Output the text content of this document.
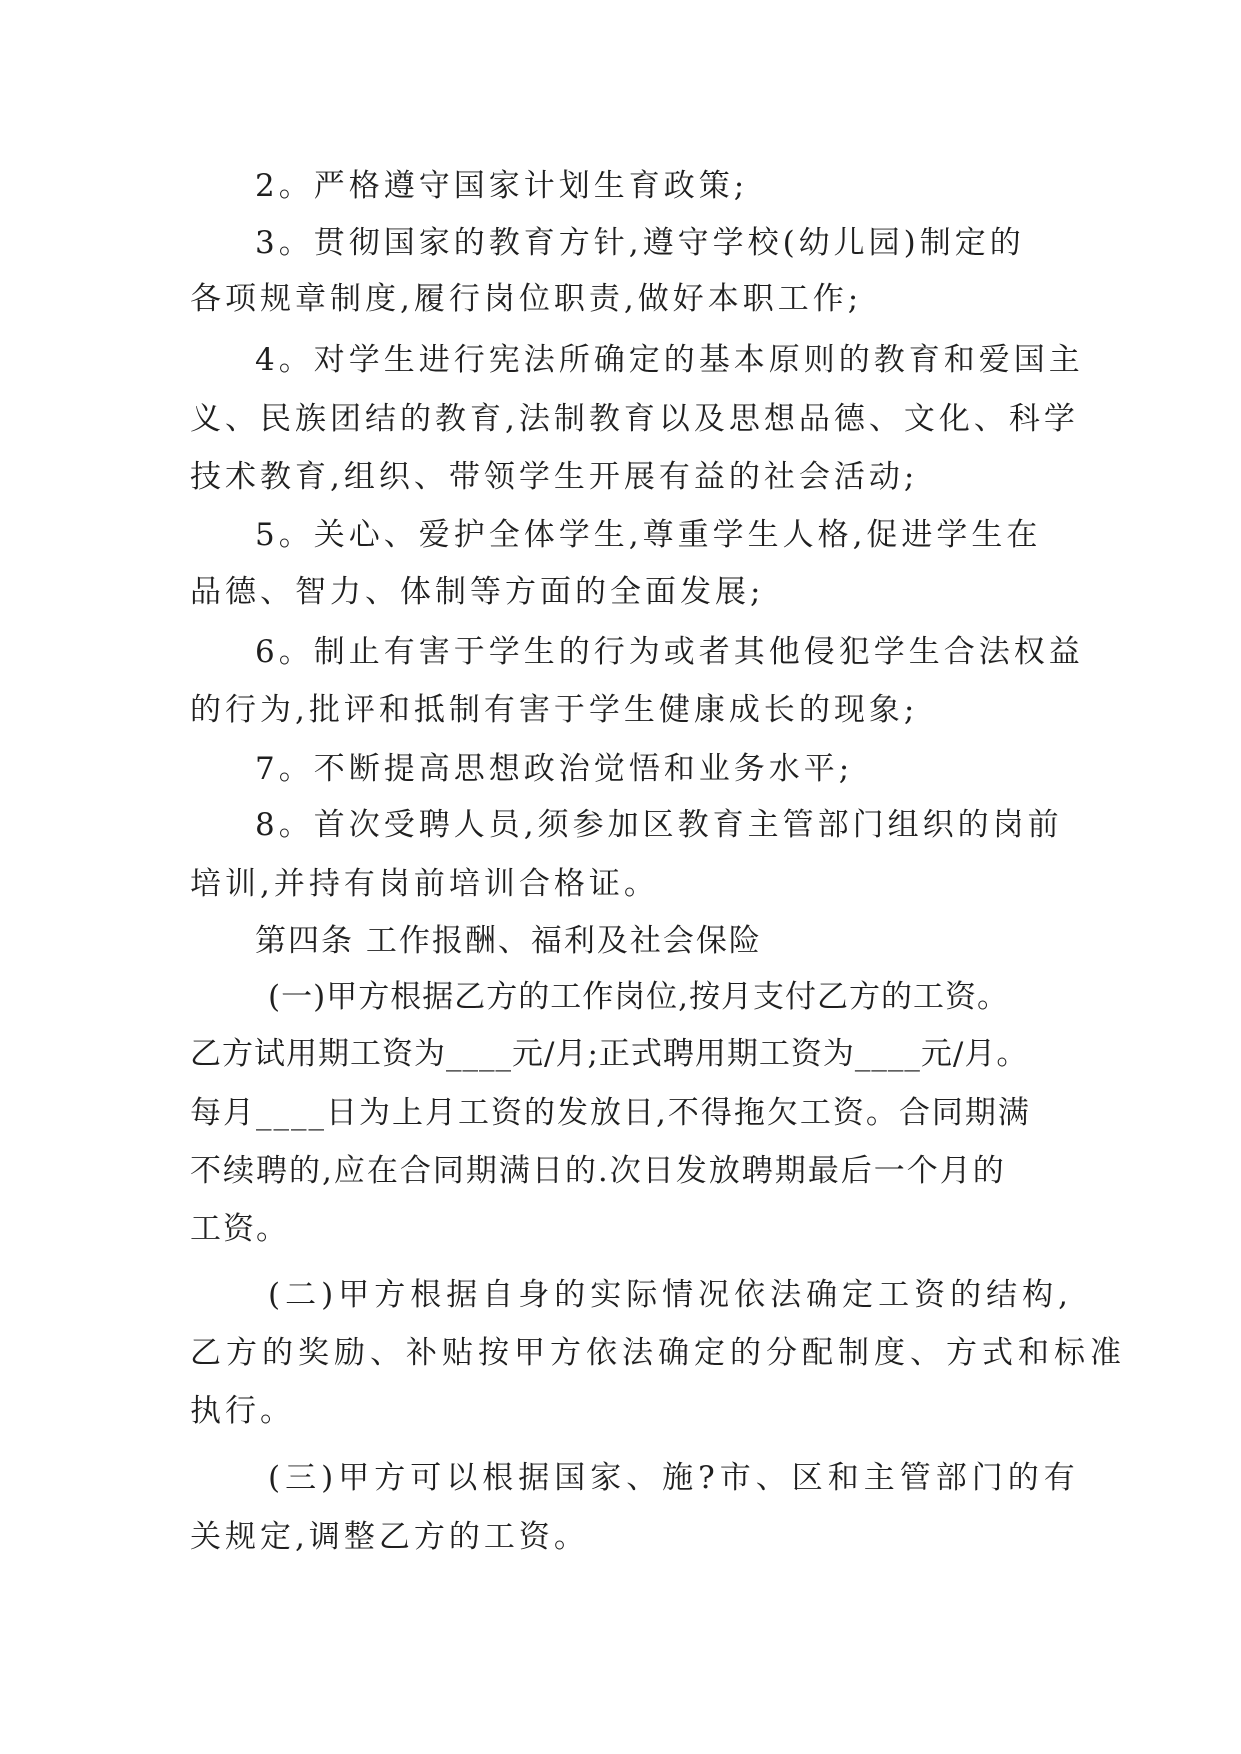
2。严格遵守国家计划生育政策;

3。贯彻国家的教育方针,遵守学校(幼儿园)制定的

各项规章制度,履行岗位职责,做好本职工作;

4。对学生进行宪法所确定的基本原则的教育和爱国主

义、民族团结的教育,法制教育以及思想品德、文化、科学

技术教育,组织、带领学生开展有益的社会活动;

5。关心、爱护全体学生,尊重学生人格,促进学生在

品德、智力、体制等方面的全面发展;

6。制止有害于学生的行为或者其他侵犯学生合法权益

的行为,批评和抵制有害于学生健康成长的现象;

7。不断提高思想政治觉悟和业务水平;

8。首次受聘人员,须参加区教育主管部门组织的岗前

培训,并持有岗前培训合格证。

第四条 工作报酬、福利及社会保险

(一)甲方根据乙方的工作岗位,按月支付乙方的工资。

乙方试用期工资为____元/月;正式聘用期工资为____元/月。

每月____日为上月工资的发放日,不得拖欠工资。合同期满

不续聘的,应在合同期满日的.次日发放聘期最后一个月的

工资。

(二)甲方根据自身的实际情况依法确定工资的结构,

乙方的奖励、补贴按甲方依法确定的分配制度、方式和标准

执行。

(三)甲方可以根据国家、施?市、区和主管部门的有

关规定,调整乙方的工资。
